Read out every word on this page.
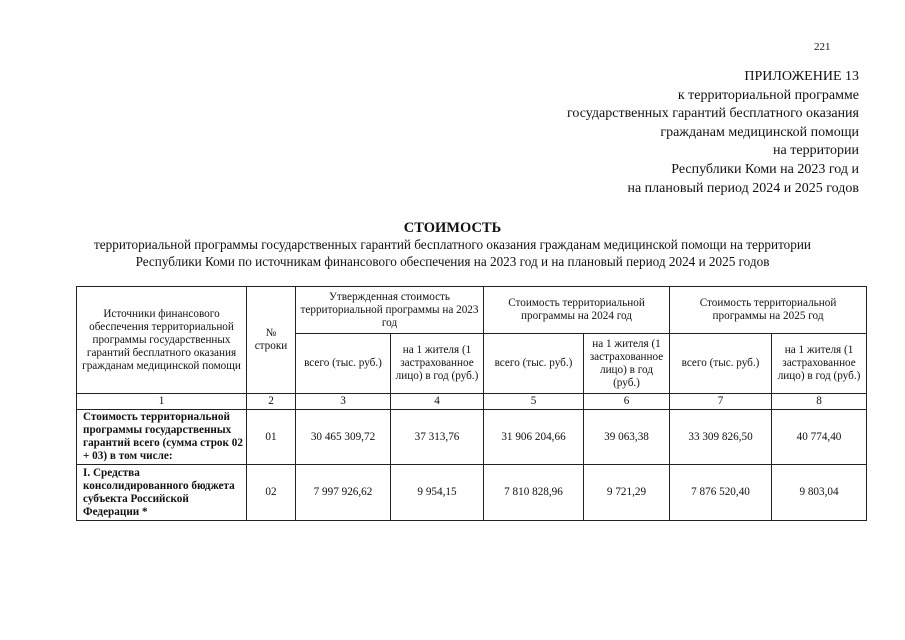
221
ПРИЛОЖЕНИЕ 13
к территориальной программе
государственных гарантий бесплатного оказания
гражданам медицинской помощи
на территории
Республики Коми на 2023 год и
на плановый период 2024 и 2025 годов
СТОИМОСТЬ
территориальной программы государственных гарантий бесплатного оказания гражданам медицинской помощи на территории
Республики Коми по источникам финансового обеспечения на 2023 год и на плановый период 2024 и 2025 годов
Источники финансового обеспечения территориальной программы государственных гарантий бесплатного оказания гражданам медицинской помощи	№ строки	Утвержденная стоимость территориальной программы на 2023 год		Стоимость территориальной программы на 2024 год		Стоимость территориальной программы на 2025 год	
		всего (тыс. руб.)	на 1 жителя (1 застрахованное лицо) в год (руб.)	всего (тыс. руб.)	на 1 жителя (1 застрахованное лицо) в год (руб.)	всего (тыс. руб.)	на 1 жителя (1 застрахованное лицо) в год (руб.)
1	2	3	4	5	6	7	8
Стоимость территориальной программы государственных гарантий всего (сумма строк 02 + 03) в том числе:	01	30 465 309,72	37 313,76	31 906 204,66	39 063,38	33 309 826,50	40 774,40
I. Средства консолидированного бюджета субъекта Российской Федерации *	02	7 997 926,62	9 954,15	7 810 828,96	9 721,29	7 876 520,40	9 803,04
